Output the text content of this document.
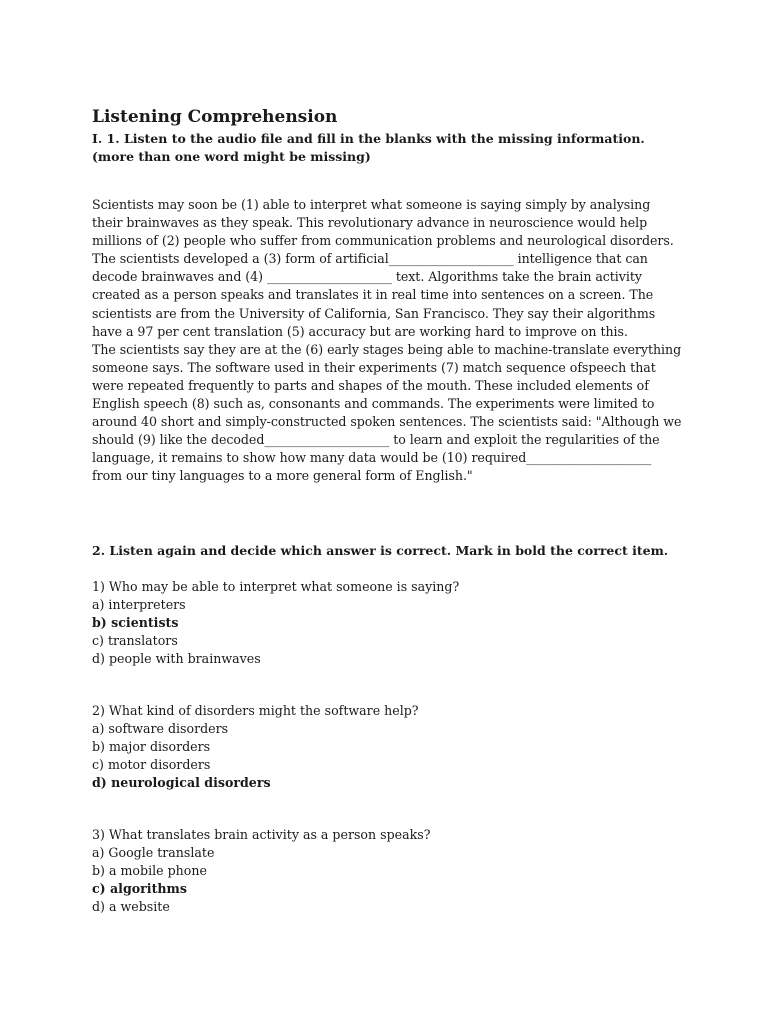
Listening Comprehension

I. 1. Listen to the audio file and fill in the blanks with the missing information. (more than one word might be missing)

Scientists may soon be (1) able to interpret what someone is saying simply by analysing their brainwaves as they speak. This revolutionary advance in neuroscience would help millions of (2) people who suffer from communication problems and neurological disorders. The scientists developed a (3) form of artificial____________________ intelligence that can decode brainwaves and (4) ____________________ text. Algorithms take the brain activity created as a person speaks and translates it in real time into sentences on a screen. The scientists are from the University of California, San Francisco. They say their algorithms have a 97 per cent translation (5) accuracy but are working hard to improve on this.

The scientists say they are at the (6) early stages being able to machine-translate everything someone says. The software used in their experiments (7) match sequence ofspeech that were repeated frequently to parts and shapes of the mouth. These included elements of English speech (8) such as, consonants and commands. The experiments were limited to around 40 short and simply-constructed spoken sentences. The scientists said: "Although we should (9) like the decoded____________________ to learn and exploit the regularities of the language, it remains to show how many data would be (10) required____________________ from our tiny languages to a more general form of English."

2. Listen again and decide which answer is correct. Mark in bold the correct item.

1) Who may be able to interpret what someone is saying?

a) interpreters

b) scientists

c) translators

d) people with brainwaves

2) What kind of disorders might the software help?

a) software disorders

b) major disorders

c) motor disorders

d) neurological disorders

3) What translates brain activity as a person speaks?

a) Google translate

b) a mobile phone

c) algorithms

d) a website
